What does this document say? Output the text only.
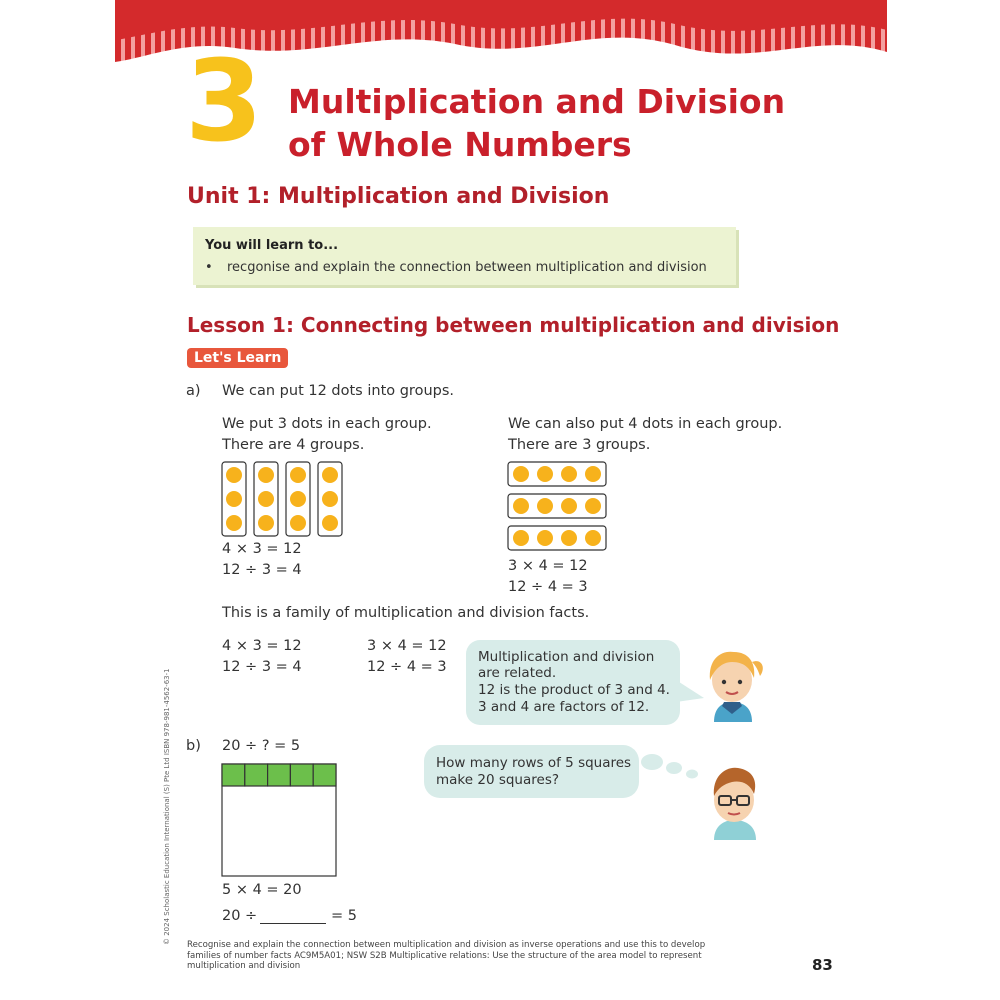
3 Multiplication and Division
of Whole Numbers
Unit 1: Multiplication and Division
You will learn to...
• recgonise and explain the connection between multiplication and division
Lesson 1: Connecting between multiplication and division
Let's Learn
a) We can put 12 dots into groups.
We put 3 dots in each group.
There are 4 groups.
4 × 3 = 12
12 ÷ 3 = 4
We can also put 4 dots in each group.
There are 3 groups.
3 × 4 = 12
12 ÷ 4 = 3
This is a family of multiplication and division facts.
4 × 3 = 12
12 ÷ 3 = 4
3 × 4 = 12
12 ÷ 4 = 3
Multiplication and division
are related.
12 is the product of 3 and 4.
3 and 4 are factors of 12.
b) 20 ÷ ? = 5
5 × 4 = 20
20 ÷	= 5
How many rows of 5 squares
make 20 squares?
© 2024 Scholastic Education International (S) Pte Ltd ISBN 978-981-4562-63-1 Recognise and explain the connection between multiplication and division as inverse operations and use this to develop families of number facts AC9M5A01; NSW S2B Multiplicative relations: Use the structure of the area model to represent multiplication and division	83
